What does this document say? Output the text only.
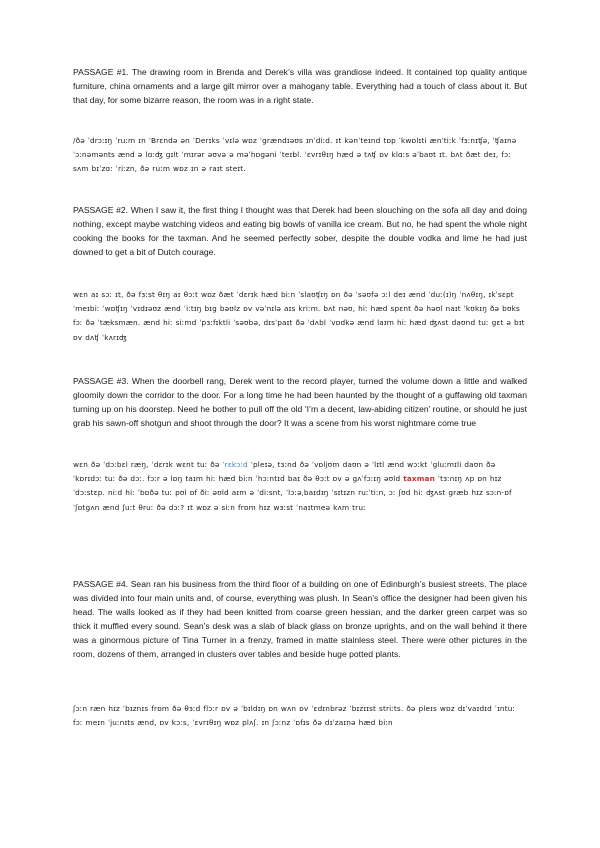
PASSAGE #1. The drawing room in Brenda and Derek’s villa was grandiose indeed. It contained top quality antique furniture, china ornaments and a large gilt mirror over a mahogany table. Everything had a touch of class about it. But that day, for some bizarre reason, the room was in a right state.

/ðə ˈdrɔːɪŋ ˈruːm ɪn ˈBrɛndə ən ˈDerɪks ˈvɪlə wɒz ˈgrændɪəʊs ɪnˈdiːd. ɪt kənˈteɪnd tɒp ˈkwɒlɪti ænˈtiːk ˈfɜːnɪʧə, ˈʧaɪnə ˈɔːnəmənts ænd ə lɑːʤ gɪlt ˈmɪrər əʊvə ə məˈhɒgəni ˈteɪbl. ˈɛvrɪθɪŋ hæd ə tʌʧ ɒv klɑːs əˈbaʊt ɪt. bʌt ðæt deɪ, fɔː sʌm bɪˈzɑː ˈriːzn, ðə ruːm wɒz ɪn ə raɪt steɪt.

PASSAGE #2. When I saw it, the first thing I thought was that Derek had been slouching on the sofa all day and doing nothing, except maybe watching videos and eating big bowls of vanilla ice cream. But no, he had spent the whole night cooking the books for the taxman. And he seemed perfectly sober, despite the double vodka and lime he had just downed to get a bit of Dutch courage.

wɛn aɪ sɔː ɪt, ðə fɜːst θɪŋ aɪ θɔːt wɒz ðæt ˈdɛrɪk hæd biːn ˈslaʊʧɪŋ ɒn ðə ˈsəʊfə ɔːl deɪ ænd ˈduː(ɪ)ŋ ˈnʌθɪŋ, ɪkˈsɛpt ˈmeɪbiː ˈwɒʧɪŋ ˈvɪdɪəʊz ænd ˈiːtɪŋ bɪg bəʊlz ɒv vəˈnɪlə aɪs kriːm. bʌt nəʊ, hiː hæd spɛnt ðə həʊl naɪt ˈkʊkɪŋ ðə bʊks fɔː ðə ˈtæksmæn. ænd hiː siːmd ˈpɜːfɪktli ˈsəʊbə, dɪsˈpaɪt ðə ˈdʌbl ˈvɒdkə ænd laɪm hiː hæd ʤʌst daʊnd tuː gɛt ə bɪt ɒv dʌʧ ˈkʌrɪʤ

PASSAGE #3. When the doorbell rang, Derek went to the record player, turned the volume down a little and walked gloomily down the corridor to the door. For a long time he had been haunted by the thought of a guffawing old taxman turning up on his doorstep. Need he bother to pull off the old ‘I’m a decent, law-abiding citizen’ routine, or should he just grab his sawn-off shotgun and shoot through the door? It was a scene from his worst nightmare come true

wɛn ðə ˈdɔːbɛl ræŋ, ˈdɛrɪk wɛnt tuː ðə ˈrɛkɔːd ˈpleɪə, tɜːnd ðə ˈvɒljʊm daʊn ə ˈlɪtl ænd wɔːkt ˈgluːmɪli daʊn ðə ˈkɒrɪdɔː tuː ðə dɔː. fɔːr ə lɒŋ taɪm hiː hæd biːn ˈhɔːntɪd baɪ ðə θɔːt ɒv ə gʌˈfɔːɪŋ əʊld taxman ˈtɜːnɪŋ ʌp ɒn hɪz ˈdɔːstɛp. niːd hiː ˈbɒðə tuː pʊl ɒf ðiː əʊld aɪm ə ˈdiːsnt, ˈlɔːəˌbaɪdɪŋ ˈsɪtɪzn ruːˈtiːn, ɔː ʃʊd hiː ʤʌst græb hɪz sɔːn-ɒf ˈʃɒtgʌn ænd ʃuːt θruː ðə dɔː? ɪt wɒz ə siːn frɒm hɪz wɜːst ˈnaɪtmeə kʌm truː

PASSAGE #4. Sean ran his business from the third floor of a building on one of Edinburgh’s busiest streets. The place was divided into four main units and, of course, everything was plush. In Sean’s office the designer had been given his head. The walls looked as if they had been knitted from coarse green hessian, and the darker green carpet was so thick it muffled every sound. Sean’s desk was a slab of black glass on bronze uprights, and on the wall behind it there was a ginormous picture of Tina Turner in a frenzy, framed in matte stainless steel. There were other pictures in the room, dozens of them, arranged in clusters over tables and beside huge potted plants.

ʃɔːn ræn hɪz ˈbɪznɪs frɒm ðə θɜːd flɔːr ɒv ə ˈbɪldɪŋ ɒn wʌn ɒv ˈɛdɪnbrəz ˈbɪzɪɪst striːts. ðə pleɪs wɒz dɪˈvaɪdɪd ˈɪntuː fɔː meɪn ˈjuːnɪts ænd, ɒv kɔːs, ˈɛvrɪθɪŋ wɒz plʌʃ. ɪn ʃɔːnz ˈɒfɪs ðə dɪˈzaɪnə hæd biːn
